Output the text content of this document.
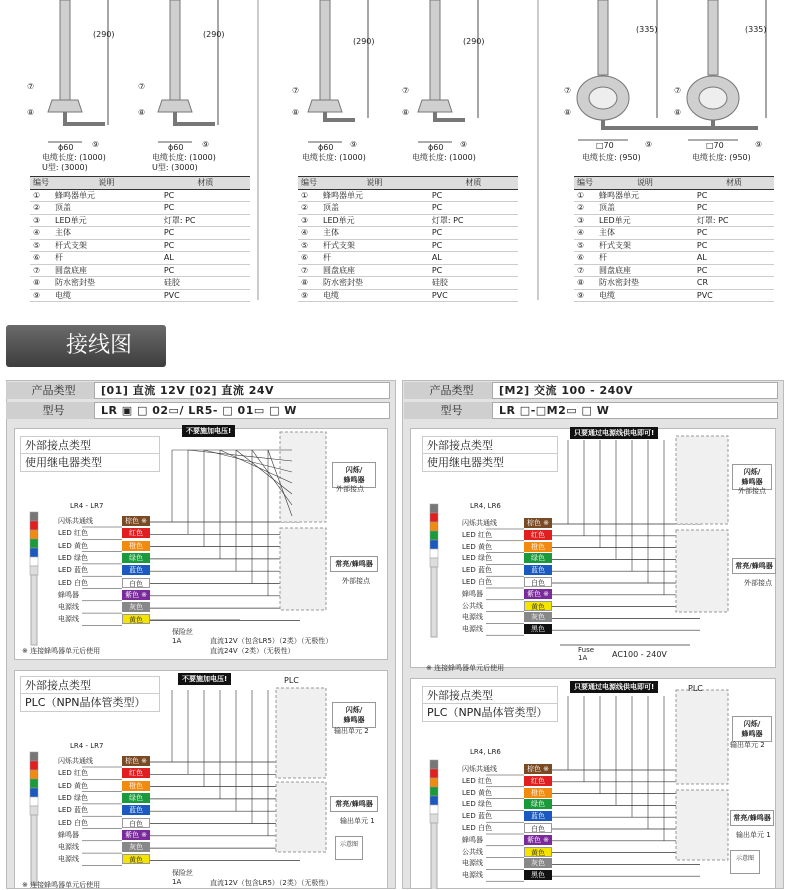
(290)	(290)
(290)	(290)
(335)	(335)
⑦
⑧
⑨
⑦
⑧
⑨
⑦
⑧
⑨
⑦
⑧
⑨
⑦
⑧
⑨
⑦
⑧
⑨
ϕ60	ϕ60	ϕ60	ϕ60	□70	□70
电缆长度: (1000)
U型: (3000)
电缆长度: (1000)
U型: (3000)
电缆长度: (1000)	电缆长度: (1000)	电缆长度: (950)	电缆长度: (950)
编号	说明	材质
①	蜂鸣器单元	PC
②	顶盖	PC
③	LED单元	灯罩: PC
④	主体	PC
⑤	杆式支架	PC
⑥	杆	AL
⑦	圆盘底座	PC
⑧	防水密封垫	硅胶
⑨	电缆	PVC
编号	说明	材质
①	蜂鸣器单元	PC
②	顶盖	PC
③	LED单元	灯罩: PC
④	主体	PC
⑤	杆式支架	PC
⑥	杆	AL
⑦	圆盘底座	PC
⑧	防水密封垫	硅胶
⑨	电缆	PVC
编号	说明	材质
①	蜂鸣器单元	PC
②	顶盖	PC
③	LED单元	灯罩: PC
④	主体	PC
⑤	杆式支架	PC
⑥	杆	AL
⑦	圆盘底座	PC
⑧	防水密封垫	CR
⑨	电缆	PVC
接线图
产品类型	[01] 直流 12V [02] 直流 24V
型号	LR ▣ □ 02▭/ LR5- □ 01▭ □ W
产品类型	[M2] 交流 100 - 240V
型号	LR □-□M2▭ □ W
外部接点类型
使用继电器类型
不要施加电压!
闪烁/
蜂鸣器
外部接点
常亮/蜂鸣器
外部接点
LR4 - LR7
闪烁共通线	棕色 ※
LED 红色	红色
LED 黄色	橙色
LED 绿色	绿色
LED 蓝色	蓝色
LED 白色	白色
蜂鸣器	紫色 ※
电源线	灰色
电源线	黄色
保险丝
1A	直流12V（包含LR5）（2类）（无极性）
直流24V（2类）（无极性）
※ 连接蜂鸣器单元后使用
外部接点类型
PLC（NPN晶体管类型）
不要施加电压!	PLC
闪烁/
蜂鸣器
输出单元 2
常亮/蜂鸣器
输出单元 1
示意图
LR4 - LR7
闪烁共通线	棕色 ※
LED 红色	红色
LED 黄色	橙色
LED 绿色	绿色
LED 蓝色	蓝色
LED 白色	白色
蜂鸣器	紫色 ※
电源线	灰色
电源线	黄色
保险丝
1A	直流12V（包含LR5）（2类）（无极性）
※ 连接蜂鸣器单元后使用
外部接点类型
使用继电器类型
只要通过电源线供电即可!
闪烁/
蜂鸣器
外部接点
常亮/蜂鸣器
外部接点
LR4, LR6
闪烁共通线	棕色 ※
LED 红色	红色
LED 黄色	橙色
LED 绿色	绿色
LED 蓝色	蓝色
LED 白色	白色
蜂鸣器	紫色 ※
公共线	黄色
电源线	灰色
电源线	黑色
Fuse
1A	AC100 - 240V
※ 连接蜂鸣器单元后使用
外部接点类型
PLC（NPN晶体管类型）
只要通过电源线供电即可!	PLC
闪烁/
蜂鸣器
输出单元 2
常亮/蜂鸣器
输出单元 1
示意图
LR4, LR6
闪烁共通线	棕色 ※
LED 红色	红色
LED 黄色	橙色
LED 绿色	绿色
LED 蓝色	蓝色
LED 白色	白色
蜂鸣器	紫色 ※
公共线	黄色
电源线	灰色
电源线	黑色
